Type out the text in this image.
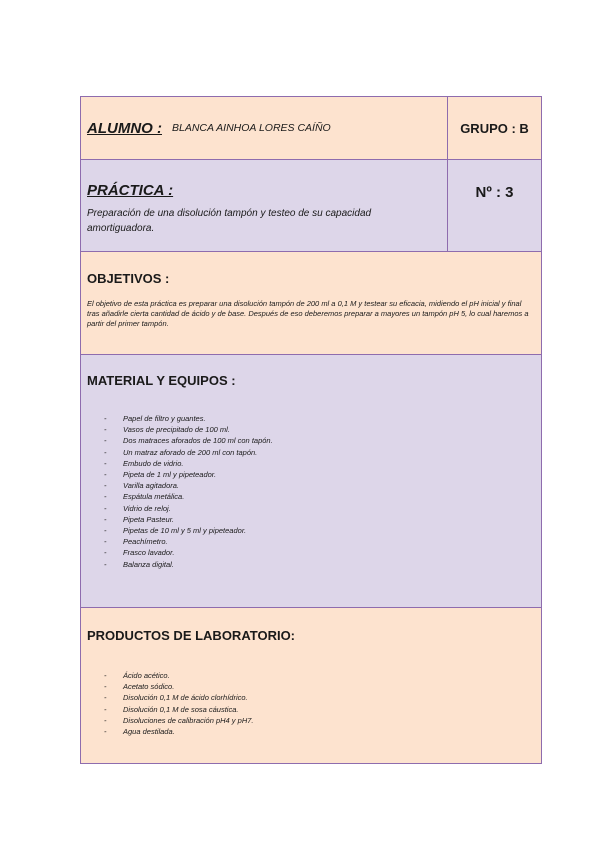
ALUMNO : BLANCA AINHOA LORES CAÍÑO	GRUPO : B
PRÁCTICA :
Preparación de una disolución tampón y testeo de su capacidad amortiguadora.
Nº : 3
OBJETIVOS :
El objetivo de esta práctica es preparar una disolución tampón de 200 ml a 0,1 M y testear su eficacia, midiendo el pH inicial y final tras añadirle cierta cantidad de ácido y de base. Después de eso deberemos preparar a mayores un tampón pH 5, lo cual haremos a partir del primer tampón.
MATERIAL Y EQUIPOS :
- Papel de filtro y guantes.
- Vasos de precipitado de 100 ml.
- Dos matraces aforados de 100 ml con tapón.
- Un matraz aforado de 200 ml con tapón.
- Embudo de vidrio.
- Pipeta de 1 ml y pipeteador.
- Varilla agitadora.
- Espátula metálica.
- Vidrio de reloj.
- Pipeta Pasteur.
- Pipetas de 10 ml y 5 ml y pipeteador.
- Peachímetro.
- Frasco lavador.
- Balanza digital.
PRODUCTOS DE LABORATORIO:
- Ácido acético.
- Acetato sódico.
- Disolución 0,1 M de ácido clorhídrico.
- Disolución 0,1 M de sosa cáustica.
- Disoluciones de calibración pH4 y pH7.
- Agua destilada.
